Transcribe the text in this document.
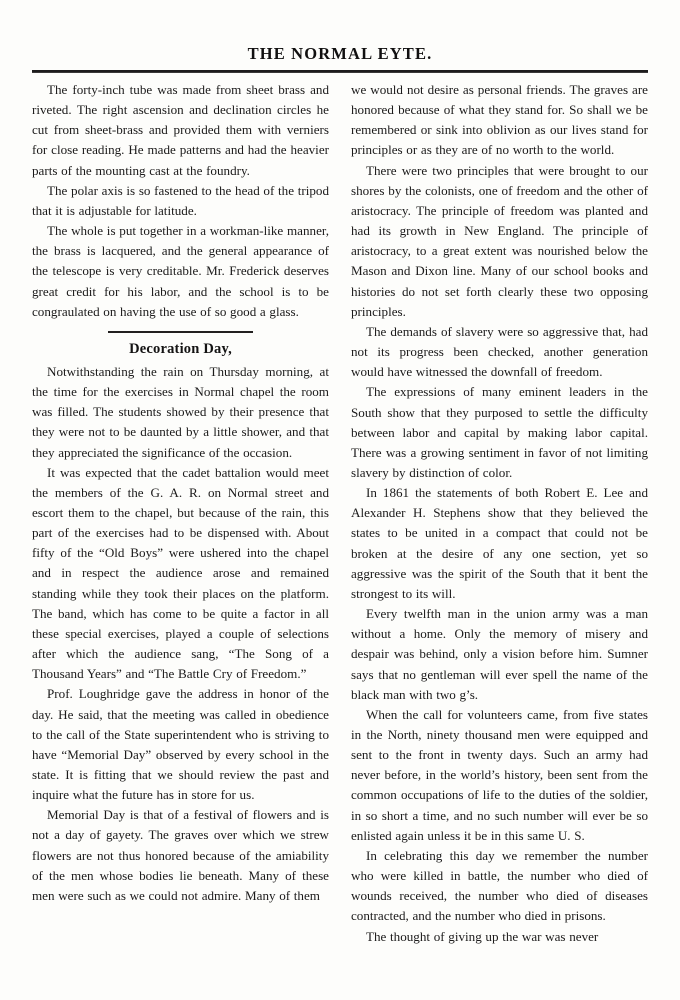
THE NORMAL EYTE.

The forty-inch tube was made from sheet brass and riveted. The right ascension and declination circles he cut from sheet-brass and provided them with verniers for close reading. He made patterns and had the heavier parts of the mounting cast at the foundry.

The polar axis is so fastened to the head of the tripod that it is adjustable for latitude.

The whole is put together in a workman-like manner, the brass is lacquered, and the general appearance of the telescope is very creditable. Mr. Frederick deserves great credit for his labor, and the school is to be congraulated on having the use of so good a glass.

Decoration Day,

Notwithstanding the rain on Thursday morning, at the time for the exercises in Normal chapel the room was filled. The students showed by their presence that they were not to be daunted by a little shower, and that they appreciated the significance of the occasion.

It was expected that the cadet battalion would meet the members of the G. A. R. on Normal street and escort them to the chapel, but because of the rain, this part of the exercises had to be dispensed with. About fifty of the “Old Boys” were ushered into the chapel and in respect the audience arose and remained standing while they took their places on the platform. The band, which has come to be quite a factor in all these special exercises, played a couple of selections after which the audience sang, “The Song of a Thousand Years” and “The Battle Cry of Freedom.”

Prof. Loughridge gave the address in honor of the day. He said, that the meeting was called in obedience to the call of the State superintendent who is striving to have “Memorial Day” observed by every school in the state. It is fitting that we should review the past and inquire what the future has in store for us.

Memorial Day is that of a festival of flowers and is not a day of gayety. The graves over which we strew flowers are not thus honored because of the amiability of the men whose bodies lie beneath. Many of these men were such as we could not admire. Many of them

we would not desire as personal friends. The graves are honored because of what they stand for. So shall we be remembered or sink into oblivion as our lives stand for principles or as they are of no worth to the world.

There were two principles that were brought to our shores by the colonists, one of freedom and the other of aristocracy. The principle of freedom was planted and had its growth in New England. The principle of aristocracy, to a great extent was nourished below the Mason and Dixon line. Many of our school books and histories do not set forth clearly these two opposing principles.

The demands of slavery were so aggressive that, had not its progress been checked, another generation would have witnessed the downfall of freedom.

The expressions of many eminent leaders in the South show that they purposed to settle the difficulty between labor and capital by making labor capital. There was a growing sentiment in favor of not limiting slavery by distinction of color.

In 1861 the statements of both Robert E. Lee and Alexander H. Stephens show that they believed the states to be united in a compact that could not be broken at the desire of any one section, yet so aggressive was the spirit of the South that it bent the strongest to its will.

Every twelfth man in the union army was a man without a home. Only the memory of misery and despair was behind, only a vision before him. Sumner says that no gentleman will ever spell the name of the black man with two g’s.

When the call for volunteers came, from five states in the North, ninety thousand men were equipped and sent to the front in twenty days. Such an army had never before, in the world’s history, been sent from the common occupations of life to the duties of the soldier, in so short a time, and no such number will ever be so enlisted again unless it be in this same U. S.

In celebrating this day we remember the number who were killed in battle, the number who died of wounds received, the number who died of diseases contracted, and the number who died in prisons.

The thought of giving up the war was never
